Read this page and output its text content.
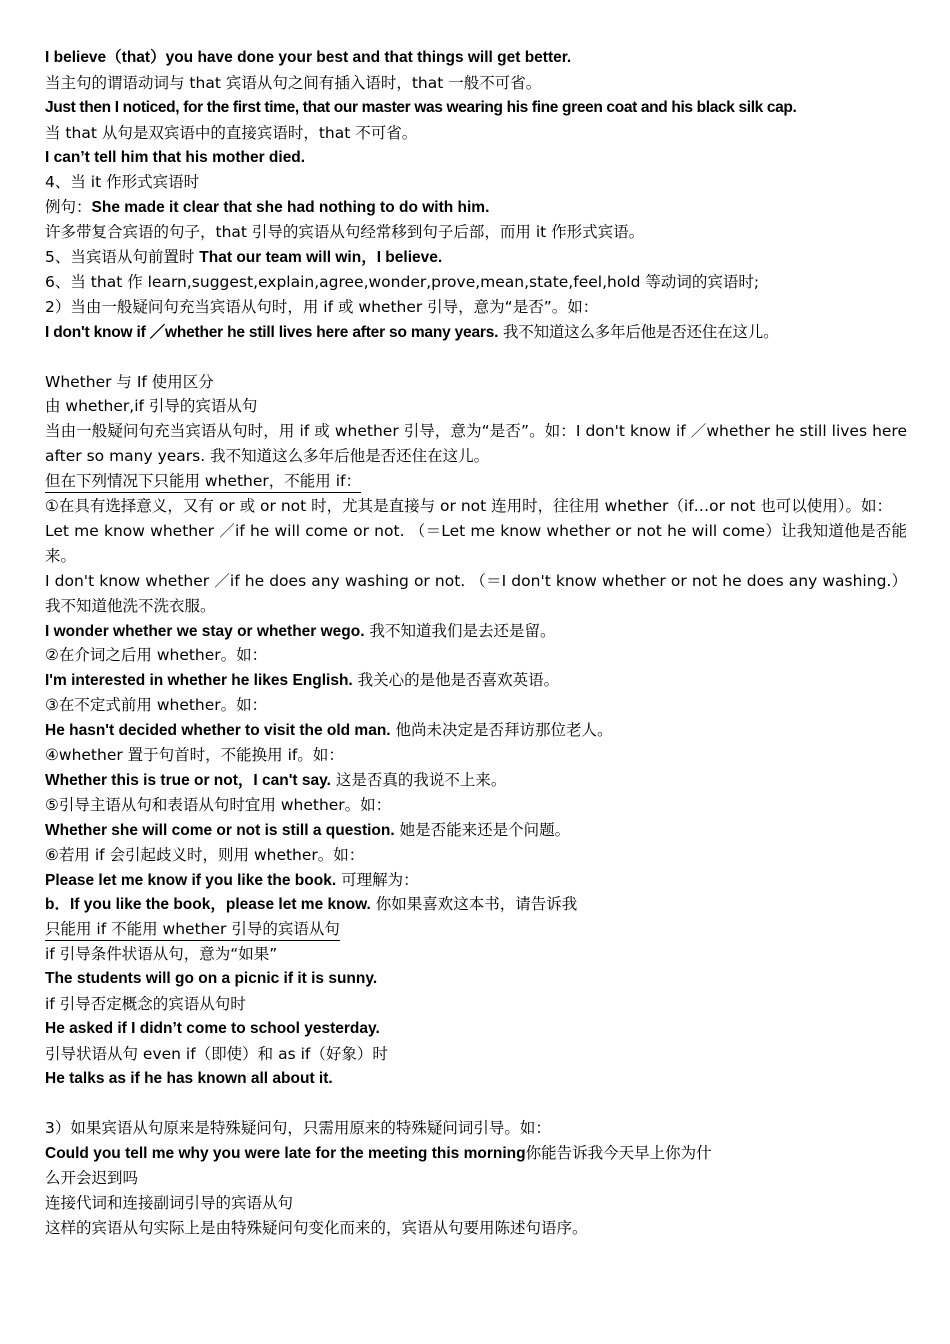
I believe（that）you have done your best and that things will get better.
当主句的谓语动词与 that 宾语从句之间有插入语时，that 一般不可省。
Just then I noticed, for the first time, that our master was wearing his fine green coat and his black silk cap.
当 that 从句是双宾语中的直接宾语时，that 不可省。
I can’t tell him that his mother died.
4、当 it 作形式宾语时
例句：She made it clear that she had nothing to do with him.
许多带复合宾语的句子，that 引导的宾语从句经常移到句子后部，而用 it 作形式宾语。
5、当宾语从句前置时 That our team will win，I believe.
6、当 that 作 learn,suggest,explain,agree,wonder,prove,mean,state,feel,hold 等动词的宾语时;
2）当由一般疑问句充当宾语从句时，用 if 或 whether 引导，意为“是否”。如：
I don't know if ／whether he still lives here after so many years. 我不知道这么多年后他是否还住在这儿。
Whether 与 If 使用区分
由 whether,if 引导的宾语从句
当由一般疑问句充当宾语从句时，用 if 或 whether 引导，意为“是否”。如：I don't know if ／whether he still lives here after so many years. 我不知道这么多年后他是否还住在这儿。
但在下列情况下只能用 whether，不能用 if：
①在具有选择意义，又有 or 或 or not 时，尤其是直接与 or not 连用时，往往用 whether（if…or not 也可以使用）。如：
Let me know whether ／if he will come or not. （＝Let me know whether or not he will come）让我知道他是否能来。
I don't know whether ／if he does any washing or not. （＝I don't know whether or not he does any washing.）我不知道他洗不洗衣服。
I wonder whether we stay or whether wego. 我不知道我们是去还是留。
②在介词之后用 whether。如：
I'm interested in whether he likes English. 我关心的是他是否喜欢英语。
③在不定式前用 whether。如：
He hasn't decided whether to visit the old man. 他尚未决定是否拜访那位老人。
④whether 置于句首时，不能换用 if。如：
Whether this is true or not，I can't say. 这是否真的我说不上来。
⑤引导主语从句和表语从句时宜用 whether。如：
Whether she will come or not is still a question. 她是否能来还是个问题。
⑥若用 if 会引起歧义时，则用 whether。如：
Please let me know if you like the book. 可理解为：
b．If you like the book，please let me know. 你如果喜欢这本书，请告诉我
只能用 if 不能用 whether 引导的宾语从句
if 引导条件状语从句，意为“如果”
The students will go on a picnic if it is sunny.
if 引导否定概念的宾语从句时
He asked if I didn’t come to school yesterday.
引导状语从句 even if（即使）和 as if（好象）时
He talks as if he has known all about it.
3）如果宾语从句原来是特殊疑问句，只需用原来的特殊疑问词引导。如：
Could you tell me why you were late for the meeting this morning你能告诉我今天早上你为什
么开会迟到吗
连接代词和连接副词引导的宾语从句
这样的宾语从句实际上是由特殊疑问句变化而来的，宾语从句要用陈述句语序。
